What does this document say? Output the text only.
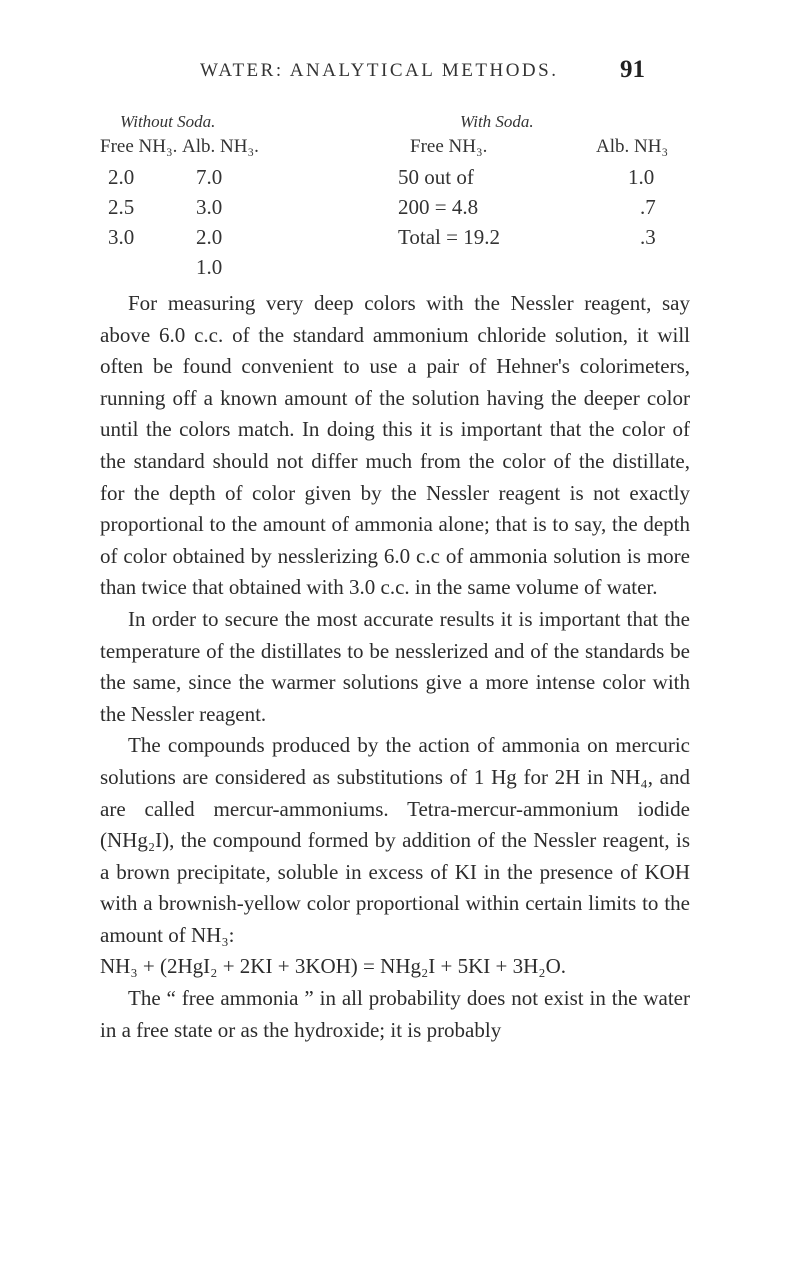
WATER: ANALYTICAL METHODS. 91
Without Soda.
Free NH₃. Alb. NH₃.
2.0
2.5
3.0
7.0
3.0
2.0
1.0
With Soda.
Free NH₃.	Alb. NH₃
50 out of
200 = 4.8
Total = 19.2
1.0
.7
.3

For measuring very deep colors with the Nessler reagent, say above 6.0 c.c. of the standard ammonium chloride solution, it will often be found convenient to use a pair of Hehner's colorimeters, running off a known amount of the solution having the deeper color until the colors match. In doing this it is important that the color of the standard should not differ much from the color of the distillate, for the depth of color given by the Nessler reagent is not exactly proportional to the amount of ammonia alone; that is to say, the depth of color obtained by nesslerizing 6.0 c.c of ammonia solution is more than twice that obtained with 3.0 c.c. in the same volume of water.

In order to secure the most accurate results it is important that the temperature of the distillates to be nesslerized and of the standards be the same, since the warmer solutions give a more intense color with the Nessler reagent.

The compounds produced by the action of ammonia on mercuric solutions are considered as substitutions of 1 Hg for 2H in NH₄, and are called mercur-ammoniums. Tetra-mercur-ammonium iodide (NHg₂I), the compound formed by addition of the Nessler reagent, is a brown precipitate, soluble in excess of KI in the presence of KOH with a brownish-yellow color proportional within certain limits to the amount of NH₃:

NH₃ + (2HgI₂ + 2KI + 3KOH) = NHg₂I + 5KI + 3H₂O.

The “ free ammonia ” in all probability does not exist in the water in a free state or as the hydroxide; it is probably
